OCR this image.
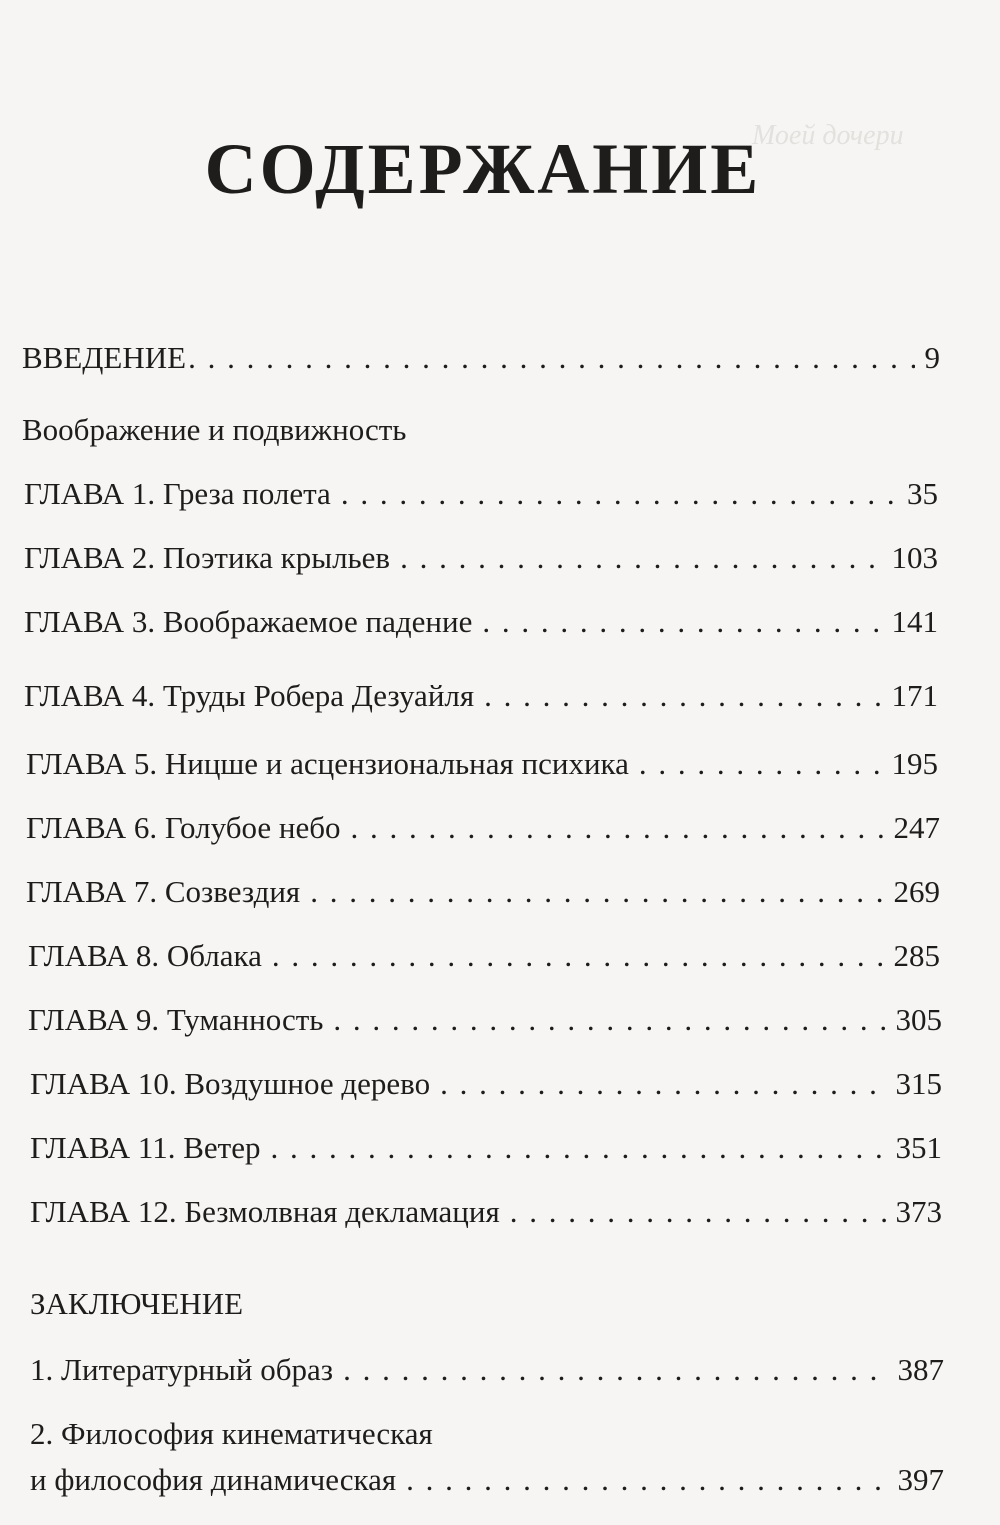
Моей дочери
СОДЕРЖАНИЕ
ВВЕДЕНИЕ . . .	9
Воображение и подвижность
ГЛАВА 1. Греза полета . . .	35
ГЛАВА 2. Поэтика крыльев . . .	103
ГЛАВА 3. Воображаемое падение . . .	141
ГЛАВА 4. Труды Робера Дезуайля . . .	171
ГЛАВА 5. Ницше и асцензиональная психика . . .	195
ГЛАВА 6. Голубое небо . . .	247
ГЛАВА 7. Созвездия . . .	269
ГЛАВА 8. Облака . . .	285
ГЛАВА 9. Туманность . . .	305
ГЛАВА 10. Воздушное дерево . . .	315
ГЛАВА 11. Ветер . . .	351
ГЛАВА 12. Безмолвная декламация . . .	373
ЗАКЛЮЧЕНИЕ
1. Литературный образ . . .	387
2. Философия кинематическая
и философия динамическая . . .	397
